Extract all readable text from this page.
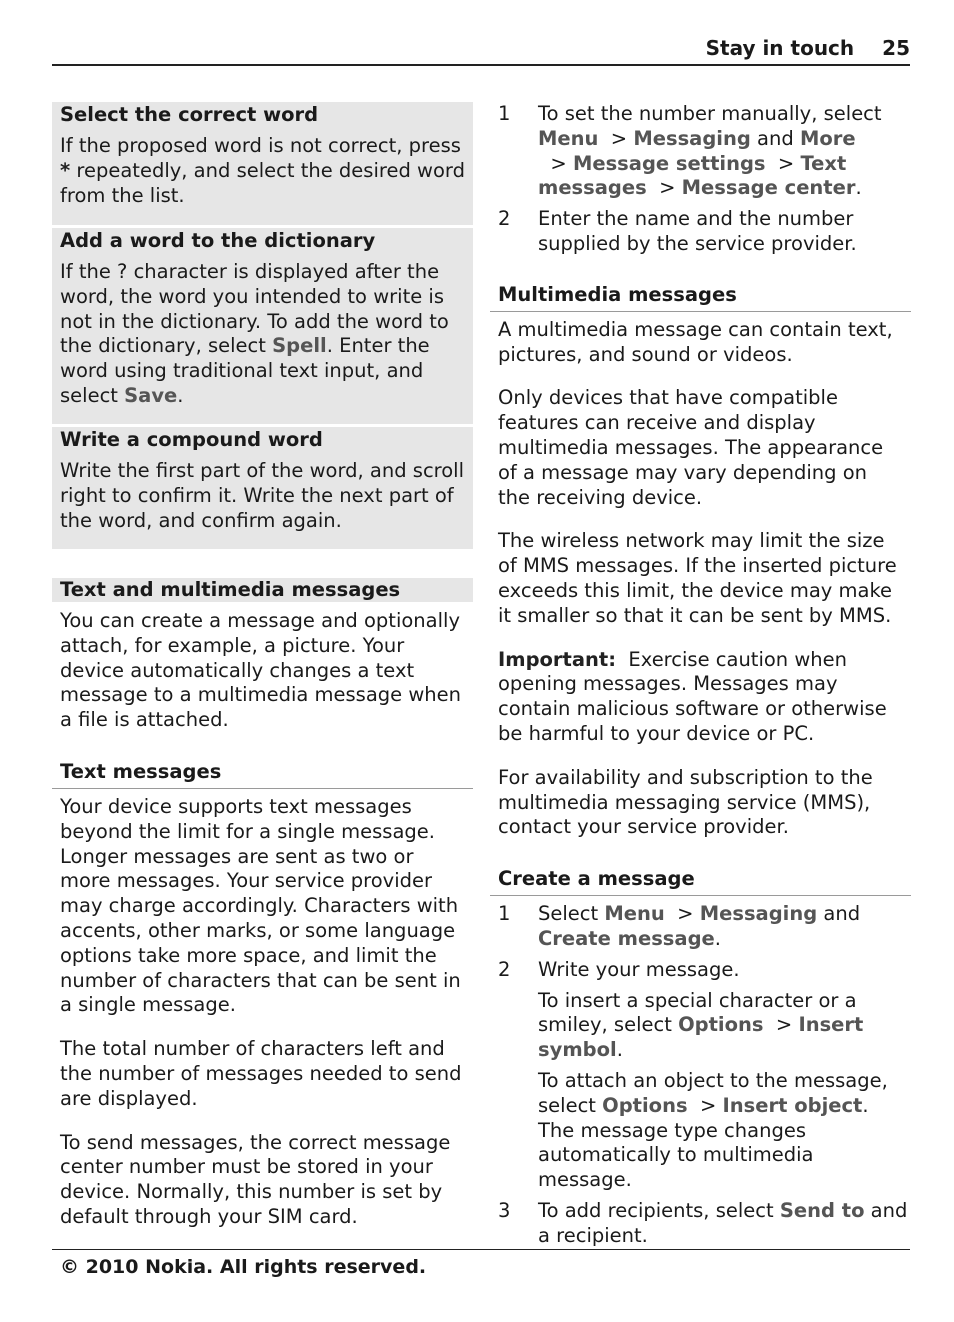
Stay in touch 25

Select the correct word

If the proposed word is not correct, press
* repeatedly, and select the desired word from the list.

Add a word to the dictionary

If the ? character is displayed after the word, the word you intended to write is not in the dictionary. To add the word to the dictionary, select Spell. Enter the word using traditional text input, and select Save.

Write a compound word

Write the first part of the word, and scroll right to confirm it. Write the next part of the word, and confirm again.

Text and multimedia messages

You can create a message and optionally attach, for example, a picture. Your device automatically changes a text message to a multimedia message when a file is attached.

Text messages

Your device supports text messages beyond the limit for a single message. Longer messages are sent as two or more messages. Your service provider may charge accordingly. Characters with accents, other marks, or some language options take more space, and limit the number of characters that can be sent in a single message.

The total number of characters left and the number of messages needed to send are displayed.

To send messages, the correct message center number must be stored in your device. Normally, this number is set by default through your SIM card.

1	To set the number manually, select Menu  > Messaging and More  > Message settings  > Text messages  > Message center.
2	Enter the name and the number supplied by the service provider.
Multimedia messages

A multimedia message can contain text, pictures, and sound or videos.

Only devices that have compatible features can receive and display multimedia messages. The appearance of a message may vary depending on the receiving device.

The wireless network may limit the size of MMS messages. If the inserted picture exceeds this limit, the device may make it smaller so that it can be sent by MMS.

Important:  Exercise caution when opening messages. Messages may contain malicious software or otherwise be harmful to your device or PC.

For availability and subscription to the multimedia messaging service (MMS), contact your service provider.

Create a message
1	Select Menu  > Messaging and Create message.
2	Write your message.
To insert a special character or a smiley, select Options  > Insert symbol.
To attach an object to the message, select Options  > Insert object. The message type changes automatically to multimedia message.
3	To add recipients, select Send to and a recipient.
© 2010 Nokia. All rights reserved.
